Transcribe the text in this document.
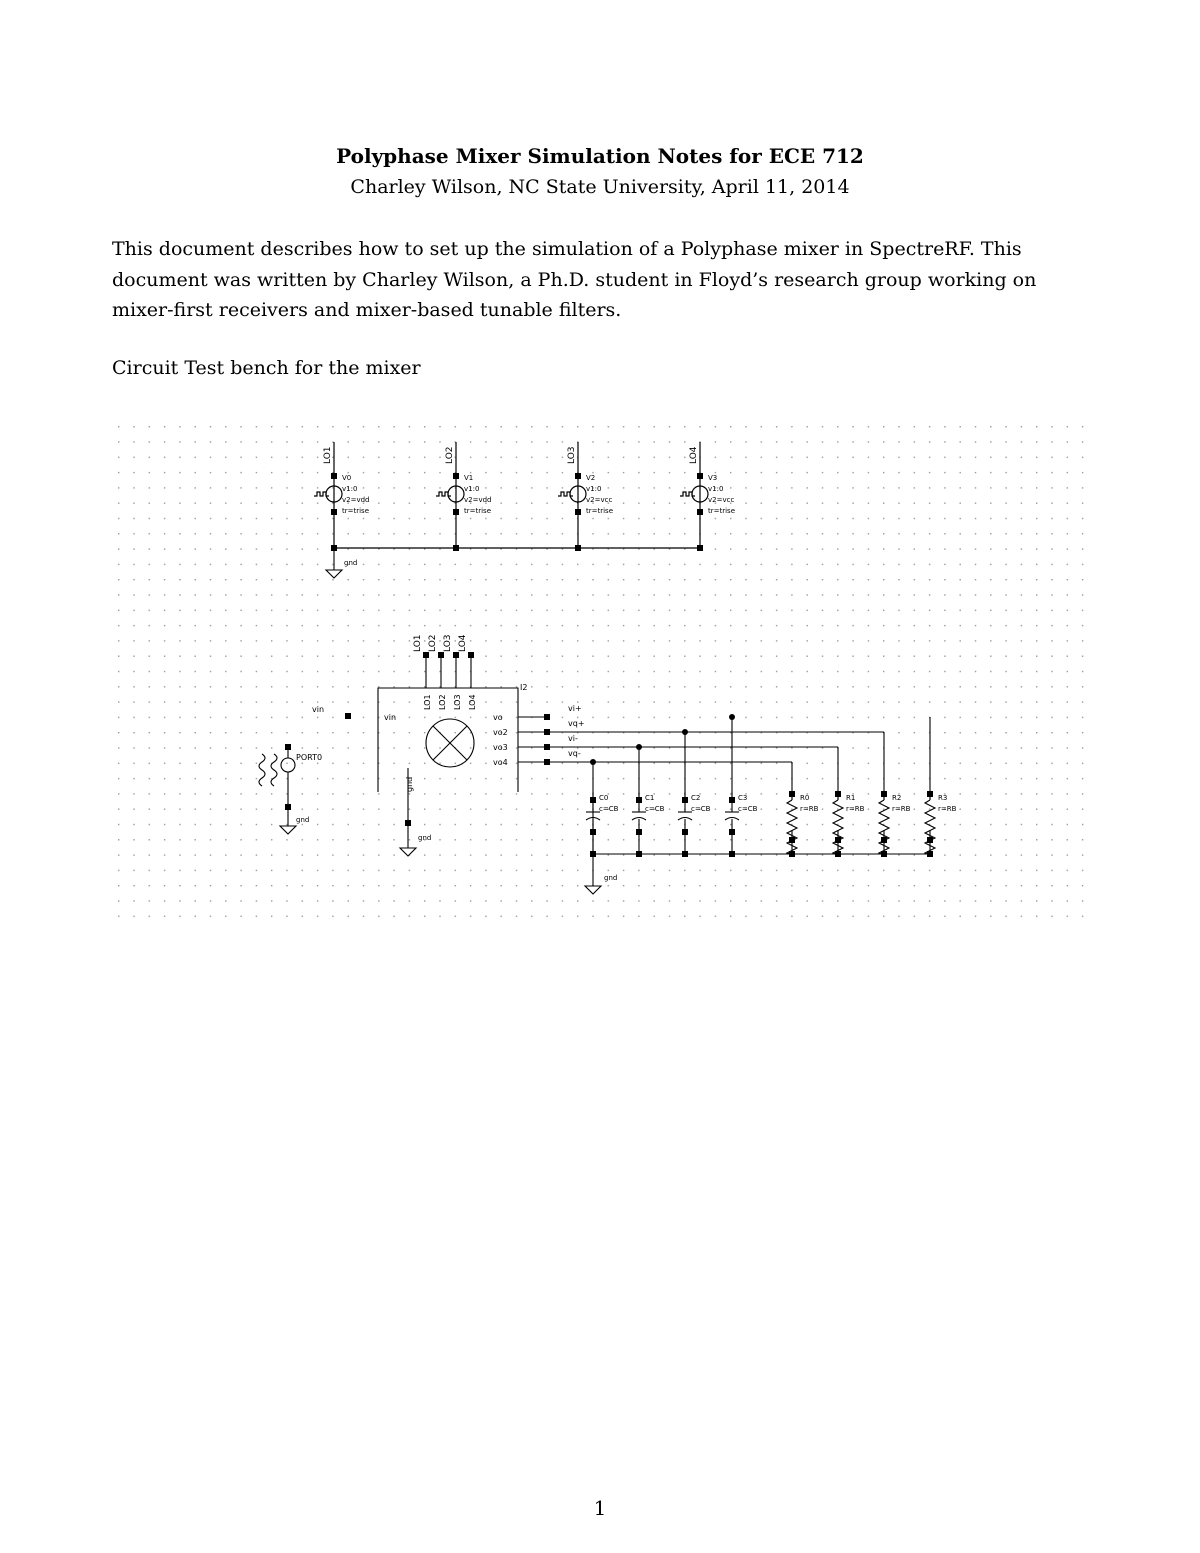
Polyphase Mixer Simulation Notes for ECE 712
Charley Wilson, NC State University, April 11, 2014

This document describes how to set up the simulation of a Polyphase mixer in SpectreRF. This
document was written by Charley Wilson, a Ph.D. student in Floyd’s research group working on
mixer-first receivers and mixer-based tunable filters.

Circuit Test bench for the mixer
LO1
V0
v1:0
v2=vdd
tr=trise
LO2
V1
v1:0
v2=vdd
tr=trise
LO3
V2
v1:0
v2=vcc
tr=trise
LO4
V3
v1:0
v2=vcc
tr=trise
gnd
LO1 LO2 LO3 LO4
I2
LO1 LO2 LO3 LO4
vin
gnd
vo
vo2
vo3
vo4
gnd
vin
PORT0
gnd
vi+
vq+
vi-
vq-
gnd
C0
c=CB
C1
c=CB
C2
c=CB
C3
c=CB
R0
r=RB
R1
r=RB
R2
r=RB
R3
r=RB
1
